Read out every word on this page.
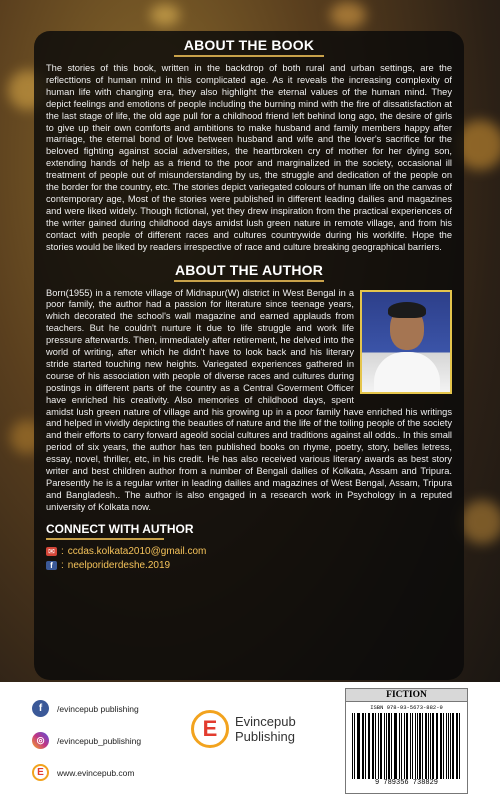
ABOUT THE BOOK

The stories of this book, written in the backdrop of both rural and urban settings, are the reflecttions of human mind in this complicated age. As it reveals the increasing complexity of human life with changing era, they also highlight the eternal values of the human mind. They depict feelings and emotions of people including the burning mind with the fire of dissatisfaction at the last stage of life, the old age pull for a childhood friend left behind long ago, the desire of girls to give up their own comforts and ambitions to make husband and family members happy after marriage, the eternal bond of love between husband and wife and the lover's sacrifice for the beloved fighting against social adversities, the heartbroken cry of mother for her dying son, extending hands of help as a friend to the poor and marginalized in the society, occasional ill treatment of people out of misunderstanding by us, the struggle and dedication of the people on the border for the country, etc. The stories depict variegated colours of human life on the canvas of contemporary age, Most of the stories were published in different leading dailies and magazines and were liked widely. Though fictional, yet they drew inspiration from the practical experiences of the writer gained during childhood days amidst lush green nature in remote village, and from his contact with people of different races and cultures countrywide during his worklife. Hope the stories would be liked by readers irrespective of race and culture breaking geographical barriers.

ABOUT THE AUTHOR
Born(1955) in a remote village of Midnapur(W) district in West Bengal in a poor family, the author had a passion for literature since teenage years, which decorated the school's wall magazine and earned applauds from teachers. But he couldn't nurture it due to life struggle and work life pressure afterwards. Then, immediately after retirement, he delved into the world of writing, after which he didn't have to look back and his literary stride started touching new heights. Variegated experiences gathered in course of his association with people of diverse races and cultures during postings in different parts of the country as a Central Goverment Officer have enriched his creativity. Also memories of childhood days, spent amidst lush green nature of village and his growing up in a poor family have enriched his writings and helped in vividly depicting the beauties of nature and the life of the toiling people of the society and their efforts to carry forward ageold social cultures and traditions against all odds.. In this small period of six years, the author has ten published books on rhyme, poetry, story, belles letress, essay, novel, thriller, etc, in his credit. He has also received various literary awards as best story writer and best children author from a number of Bengali dailies of Kolkata, Assam and Tripura. Paresently he is a regular writer in leading dailies and magazines of West Bengal, Assam, Tripura and Bangladesh.. The author is also engaged in a research work in Psychology in a reputed university of Kolkata now.
CONNECT WITH AUTHOR
✉ : ccdas.kolkata2010@gmail.com
f : neelporiderdeshe.2019
f	/evincepub publishing
◎	/evincepub_publishing
E	www.evincepub.com
E	Evincepub
Publishing
FICTION
ISBN 978-93-5673-882-9
9 789356 738829
